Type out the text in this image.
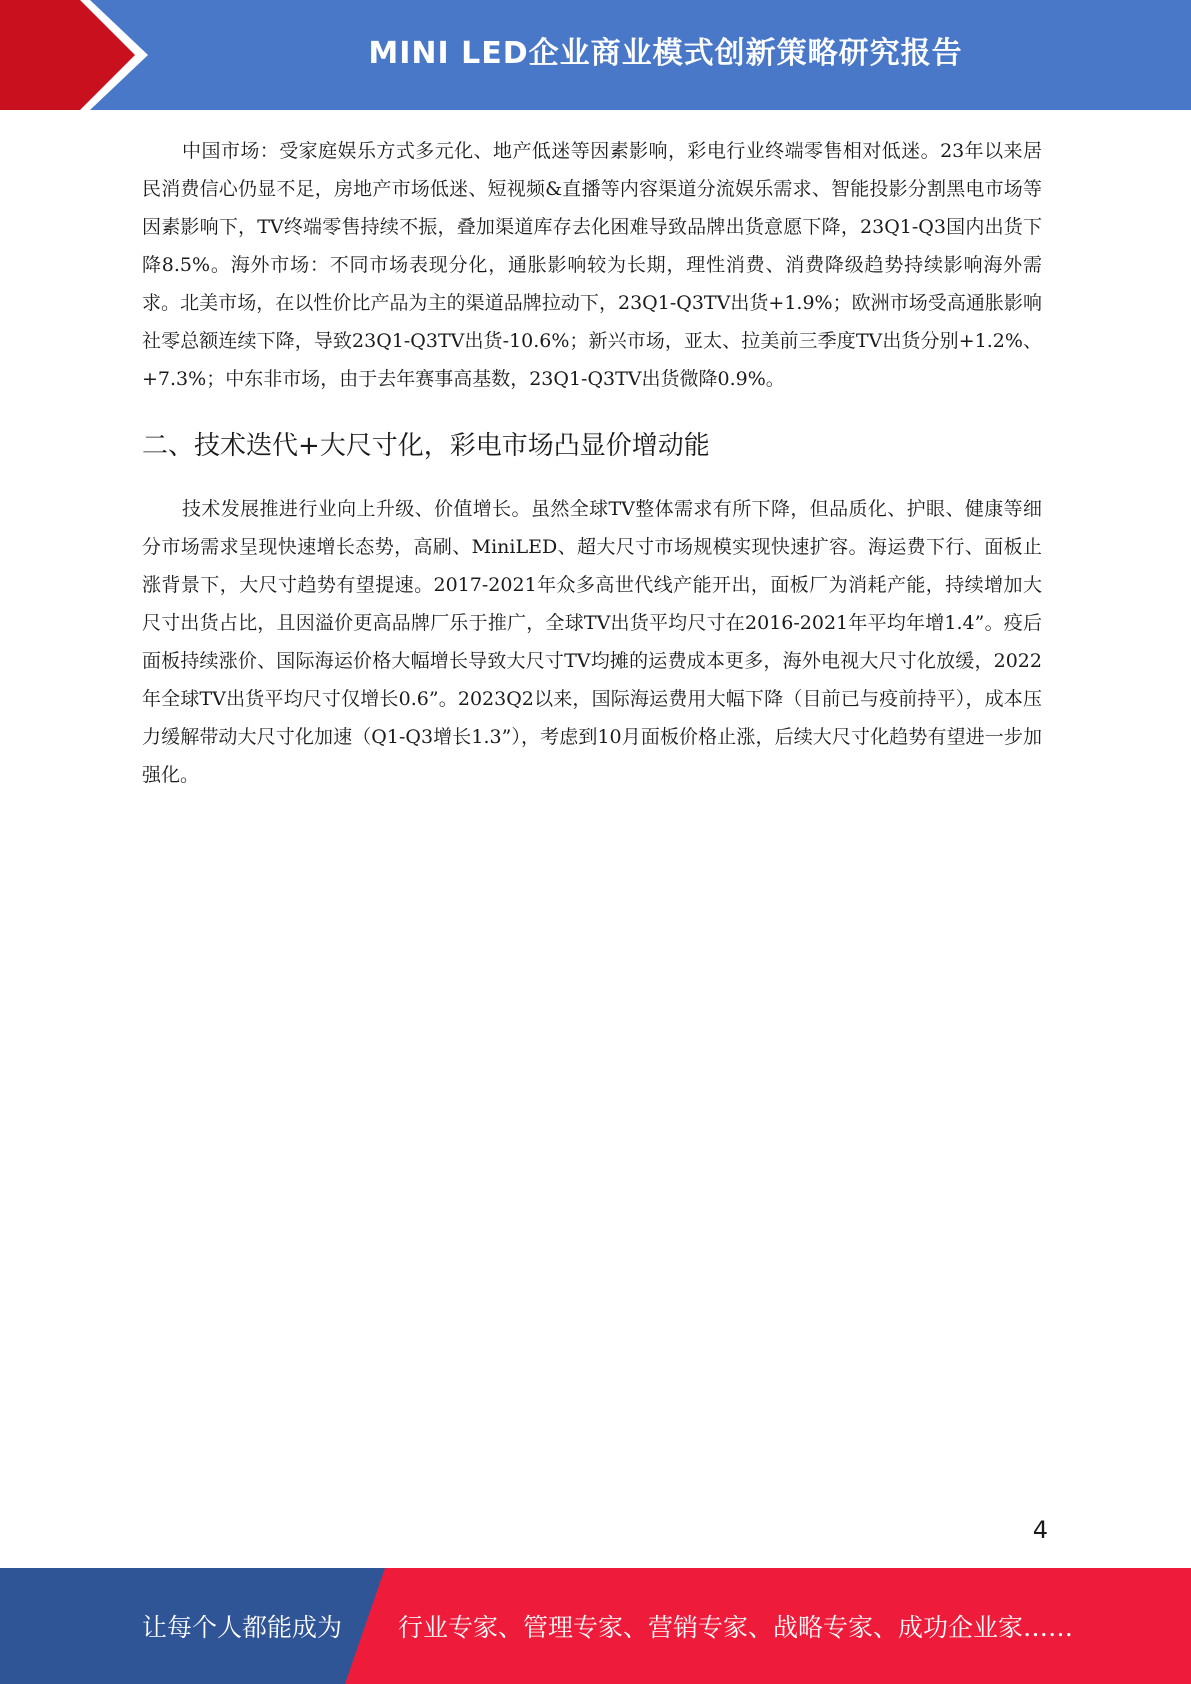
MINI LED企业商业模式创新策略研究报告

中国市场：受家庭娱乐方式多元化、地产低迷等因素影响，彩电行业终端零售相对低迷。23年以来居民消费信心仍显不足，房地产市场低迷、短视频&直播等内容渠道分流娱乐需求、智能投影分割黑电市场等因素影响下，TV终端零售持续不振，叠加渠道库存去化困难导致品牌出货意愿下降，23Q1-Q3国内出货下降8.5%。海外市场：不同市场表现分化，通胀影响较为长期，理性消费、消费降级趋势持续影响海外需求。北美市场，在以性价比产品为主的渠道品牌拉动下，23Q1-Q3TV出货+1.9%；欧洲市场受高通胀影响社零总额连续下降，导致23Q1-Q3TV出货-10.6%；新兴市场，亚太、拉美前三季度TV出货分别+1.2%、+7.3%；中东非市场，由于去年赛事高基数，23Q1-Q3TV出货微降0.9%。

二、技术迭代+大尺寸化，彩电市场凸显价增动能

技术发展推进行业向上升级、价值增长。虽然全球TV整体需求有所下降，但品质化、护眼、健康等细分市场需求呈现快速增长态势，高刷、MiniLED、超大尺寸市场规模实现快速扩容。海运费下行、面板止涨背景下，大尺寸趋势有望提速。2017-2021年众多高世代线产能开出，面板厂为消耗产能，持续增加大尺寸出货占比，且因溢价更高品牌厂乐于推广，全球TV出货平均尺寸在2016-2021年平均年增1.4”。疫后面板持续涨价、国际海运价格大幅增长导致大尺寸TV均摊的运费成本更多，海外电视大尺寸化放缓，2022年全球TV出货平均尺寸仅增长0.6”。2023Q2以来，国际海运费用大幅下降（目前已与疫前持平），成本压力缓解带动大尺寸化加速（Q1-Q3增长1.3”），考虑到10月面板价格止涨，后续大尺寸化趋势有望进一步加强化。

4
让每个人都能成为 行业专家、管理专家、营销专家、战略专家、成功企业家……
